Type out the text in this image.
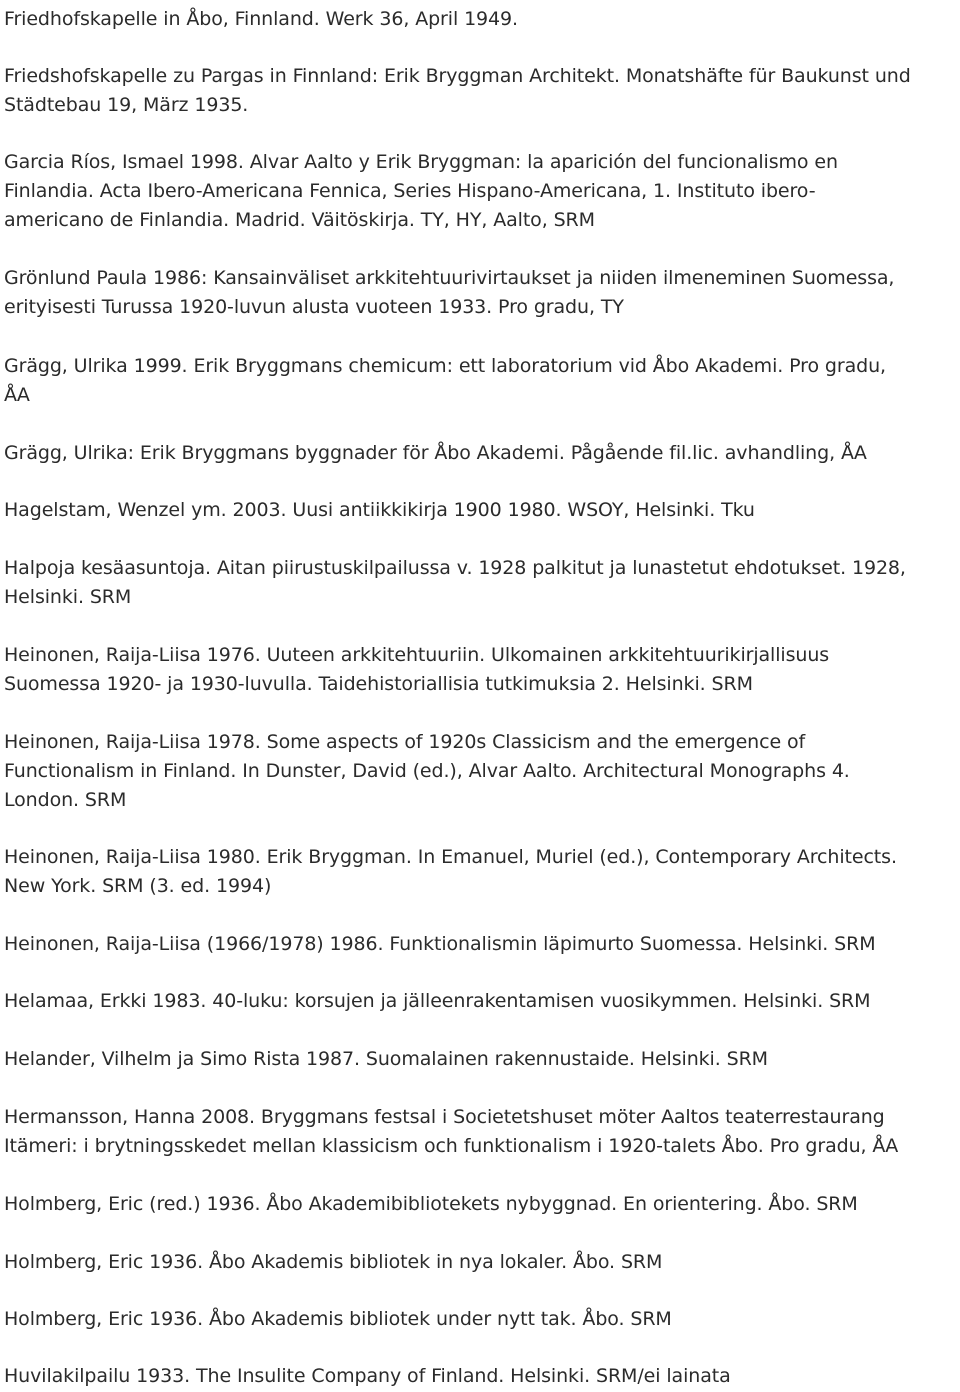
Friedhofskapelle in Åbo, Finnland. Werk 36, April 1949.
Friedshofskapelle zu Pargas in Finnland: Erik Bryggman Architekt. Monatshäfte für Baukunst und
Städtebau 19, März 1935.
Garcia Ríos, Ismael 1998. Alvar Aalto y Erik Bryggman: la aparición del funcionalismo en
Finlandia. Acta Ibero-Americana Fennica, Series Hispano-Americana, 1. Instituto ibero-
americano de Finlandia. Madrid. Väitöskirja. TY, HY, Aalto, SRM
Grönlund Paula 1986: Kansainväliset arkkitehtuurivirtaukset ja niiden ilmeneminen Suomessa,
erityisesti Turussa 1920-luvun alusta vuoteen 1933. Pro gradu, TY
Grägg, Ulrika 1999. Erik Bryggmans chemicum: ett laboratorium vid Åbo Akademi. Pro gradu,
ÅA
Grägg, Ulrika: Erik Bryggmans byggnader för Åbo Akademi. Pågående fil.lic. avhandling, ÅA
Hagelstam, Wenzel ym. 2003. Uusi antiikkikirja 1900 1980. WSOY, Helsinki. Tku
Halpoja kesäasuntoja. Aitan piirustuskilpailussa v. 1928 palkitut ja lunastetut ehdotukset. 1928,
Helsinki. SRM
Heinonen, Raija-Liisa 1976. Uuteen arkkitehtuuriin. Ulkomainen arkkitehtuurikirjallisuus
Suomessa 1920- ja 1930-luvulla. Taidehistoriallisia tutkimuksia 2. Helsinki. SRM
Heinonen, Raija-Liisa 1978. Some aspects of 1920s Classicism and the emergence of
Functionalism in Finland. In Dunster, David (ed.), Alvar Aalto. Architectural Monographs 4.
London. SRM
Heinonen, Raija-Liisa 1980. Erik Bryggman. In Emanuel, Muriel (ed.), Contemporary Architects.
New York. SRM (3. ed. 1994)
Heinonen, Raija-Liisa (1966/1978) 1986. Funktionalismin läpimurto Suomessa. Helsinki. SRM
Helamaa, Erkki 1983. 40-luku: korsujen ja jälleenrakentamisen vuosikymmen. Helsinki. SRM
Helander, Vilhelm ja Simo Rista 1987. Suomalainen rakennustaide. Helsinki. SRM
Hermansson, Hanna 2008. Bryggmans festsal i Societetshuset möter Aaltos teaterrestaurang
Itämeri: i brytningsskedet mellan klassicism och funktionalism i 1920-talets Åbo. Pro gradu, ÅA
Holmberg, Eric (red.) 1936. Åbo Akademibibliotekets nybyggnad. En orientering. Åbo. SRM
Holmberg, Eric 1936. Åbo Akademis bibliotek in nya lokaler. Åbo. SRM
Holmberg, Eric 1936. Åbo Akademis bibliotek under nytt tak. Åbo. SRM
Huvilakilpailu 1933. The Insulite Company of Finland. Helsinki. SRM/ei lainata
